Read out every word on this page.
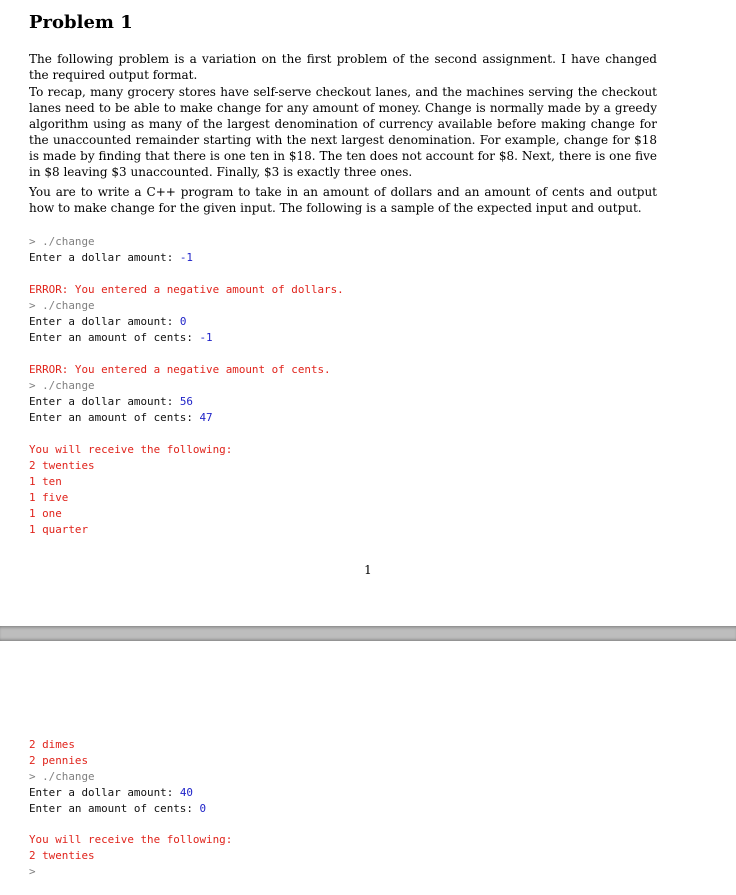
Problem 1

The following problem is a variation on the first problem of the second assignment. I have changed the required output format.

To recap, many grocery stores have self-serve checkout lanes, and the machines serving the checkout lanes need to be able to make change for any amount of money. Change is normally made by a greedy algorithm using as many of the largest denomination of currency available before making change for the unaccounted remainder starting with the next largest denomination. For example, change for $18 is made by finding that there is one ten in $18. The ten does not account for $8. Next, there is one five in $8 leaving $3 unaccounted. Finally, $3 is exactly three ones.

You are to write a C++ program to take in an amount of dollars and an amount of cents and output how to make change for the given input. The following is a sample of the expected input and output.

> ./change
Enter a dollar amount: -1
ERROR: You entered a negative amount of dollars.
> ./change
Enter a dollar amount: 0
Enter an amount of cents: -1
ERROR: You entered a negative amount of cents.
> ./change
Enter a dollar amount: 56
Enter an amount of cents: 47
You will receive the following:
2 twenties
1 ten
1 five
1 one
1 quarter
1
2 dimes
2 pennies
> ./change
Enter a dollar amount: 40
Enter an amount of cents: 0
You will receive the following:
2 twenties
>
